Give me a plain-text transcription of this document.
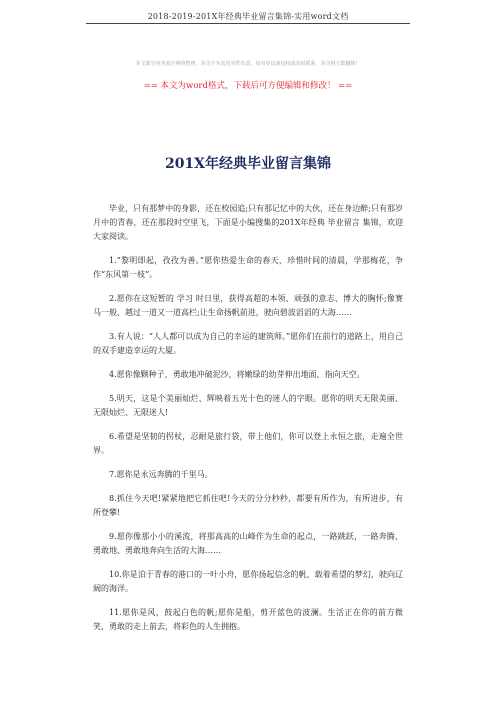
2018-2019-201X年经典毕业留言集锦-实用word文档
本文部分内容来自网络整理，本司不为其真实性负责，如有异议或侵权请及时联系，本司将立即删除！
== 本文为word格式，下载后可方便编辑和修改！ ==
201X年经典毕业留言集锦

毕业，只有那梦中的身影，还在校园追;只有那记忆中的大伙，还在身边醉;只有那岁月中的青春，还在那段时空里飞，下面是小编搜集的201X年经典 毕业留言 集锦，欢迎大家阅读。

1.“黎明即起，孜孜为善。”愿你热爱生命的春天，珍惜时间的清晨，学那梅花，争作“东风第一枝”。

2.愿你在这短暂的 学习 时日里，获得高超的本领、顽强的意志、博大的胸怀;像赛马一般，越过一道又一道高栏;让生命扬帆前进，驶向碧波滔滔的大海……

3.有人说：“人人都可以成为自己的幸运的建筑师。”愿你们在前行的道路上，用自己的双手建造幸运的大厦。

4.愿你像颗种子，勇敢地冲破泥沙，将嫩绿的幼芽伸出地面，指向天空。

5.明天，这是个美丽灿烂、辉映着五光十色的迷人的字眼。愿你的明天无限美丽、无限灿烂、无限迷人!

6.希望是坚韧的拐杖，忍耐是旅行袋，带上他们，你可以登上永恒之旅，走遍全世界。

7.愿你是永远奔腾的千里马。

8.抓住今天吧!紧紧地把它抓住吧!今天的分分秒秒，都要有所作为，有所进步，有所登攀!

9.愿你像那小小的溪流，将那高高的山峰作为生命的起点，一路跳跃，一路奔腾，勇敢地、勇敢地奔向生活的大海……

10.你是泊于青春的港口的一叶小舟，愿你扬起信念的帆，载着希望的梦幻，驶向辽阔的海洋。

11.愿你是风，鼓起白色的帆;愿你是船，剪开蓝色的波澜。生活正在你的前方微笑，勇敢的走上前去，将彩色的人生拥抱。
